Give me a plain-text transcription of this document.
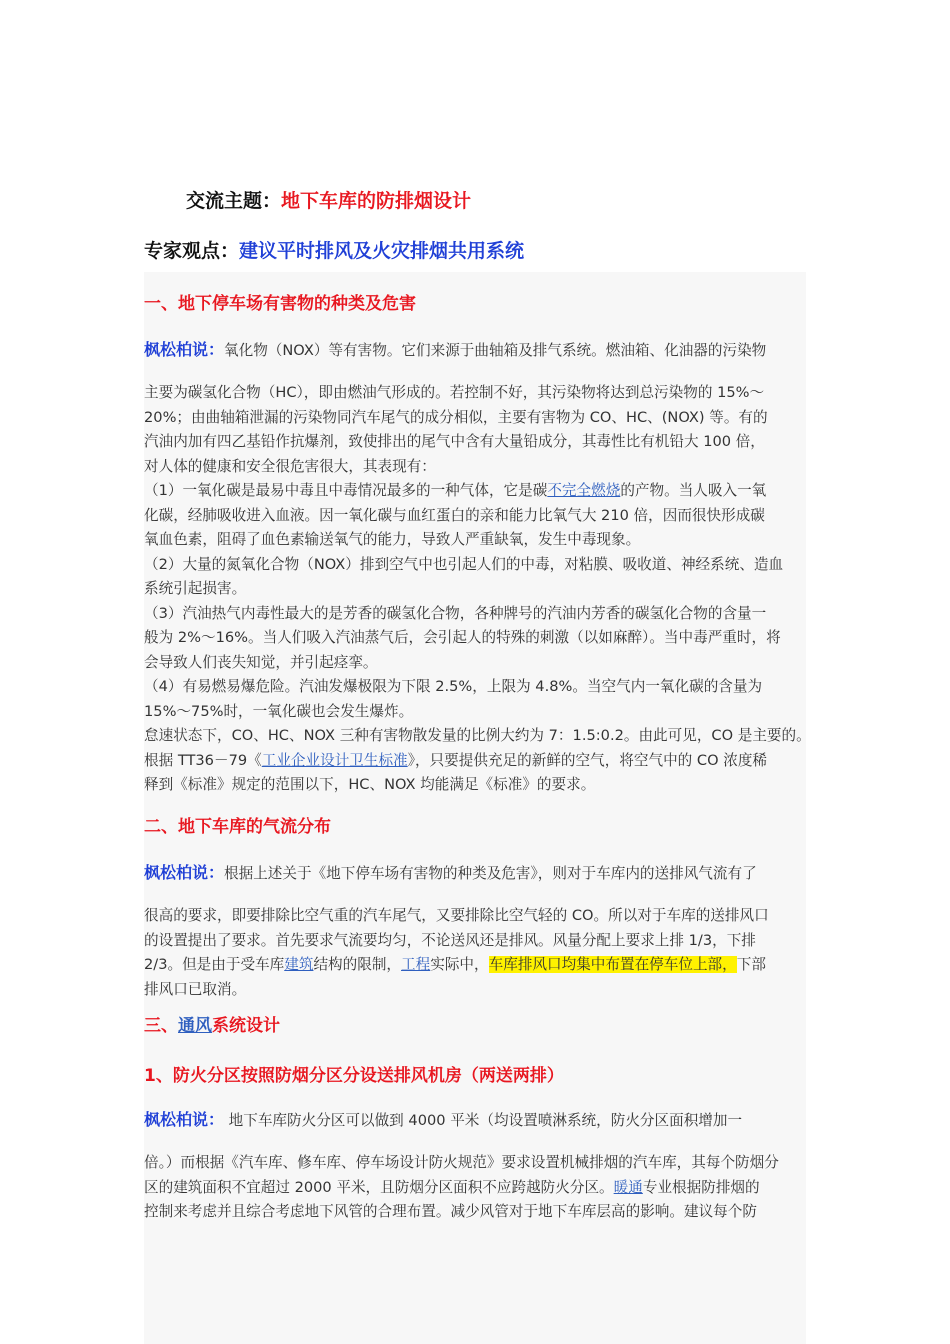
交流主题：地下车库的防排烟设计
专家观点：建议平时排风及火灾排烟共用系统
一、地下停车场有害物的种类及危害
枫松柏说：氧化物（NOX）等有害物。它们来源于曲轴箱及排气系统。燃油箱、化油器的污染物
主要为碳氢化合物（HC），即由燃油气形成的。若控制不好，其污染物将达到总污染物的 15%～
20%；由曲轴箱泄漏的污染物同汽车尾气的成分相似，主要有害物为 CO、HC、(NOX) 等。有的
汽油内加有四乙基铅作抗爆剂，致使排出的尾气中含有大量铅成分，其毒性比有机铅大 100 倍，
对人体的健康和安全很危害很大，其表现有：
（1）一氧化碳是最易中毒且中毒情况最多的一种气体，它是碳不完全燃烧的产物。当人吸入一氧
化碳，经肺吸收进入血液。因一氧化碳与血红蛋白的亲和能力比氧气大 210 倍，因而很快形成碳
氧血色素，阻碍了血色素输送氧气的能力，导致人严重缺氧，发生中毒现象。
（2）大量的氮氧化合物（NOX）排到空气中也引起人们的中毒，对粘膜、吸收道、神经系统、造血
系统引起损害。
（3）汽油热气内毒性最大的是芳香的碳氢化合物，各种牌号的汽油内芳香的碳氢化合物的含量一
般为 2%～16%。当人们吸入汽油蒸气后，会引起人的特殊的刺激（以如麻醉）。当中毒严重时，将
会导致人们丧失知觉，并引起痉挛。
（4）有易燃易爆危险。汽油发爆极限为下限 2.5%，上限为 4.8%。当空气内一氧化碳的含量为
15%～75%时，一氧化碳也会发生爆炸。
怠速状态下，CO、HC、NOX 三种有害物散发量的比例大约为 7：1.5:0.2。由此可见，CO 是主要的。
根据 TT36－79《工业企业设计卫生标准》，只要提供充足的新鲜的空气，将空气中的 CO 浓度稀
释到《标准》规定的范围以下，HC、NOX 均能满足《标准》的要求。
二、地下车库的气流分布
枫松柏说：根据上述关于《地下停车场有害物的种类及危害》，则对于车库内的送排风气流有了
很高的要求，即要排除比空气重的汽车尾气，又要排除比空气轻的 CO。所以对于车库的送排风口
的设置提出了要求。首先要求气流要均匀，不论送风还是排风。风量分配上要求上排 1/3，下排
2/3。但是由于受车库建筑结构的限制，工程实际中，车库排风口均集中布置在停车位上部，下部
排风口已取消。
三、通风系统设计
1、防火分区按照防烟分区分设送排风机房（两送两排）
枫松柏说： 地下车库防火分区可以做到 4000 平米（均设置喷淋系统，防火分区面积增加一
倍。）而根据《汽车库、修车库、停车场设计防火规范》要求设置机械排烟的汽车库，其每个防烟分
区的建筑面积不宜超过 2000 平米，且防烟分区面积不应跨越防火分区。暖通专业根据防排烟的
控制来考虑并且综合考虑地下风管的合理布置。减少风管对于地下车库层高的影响。建议每个防
